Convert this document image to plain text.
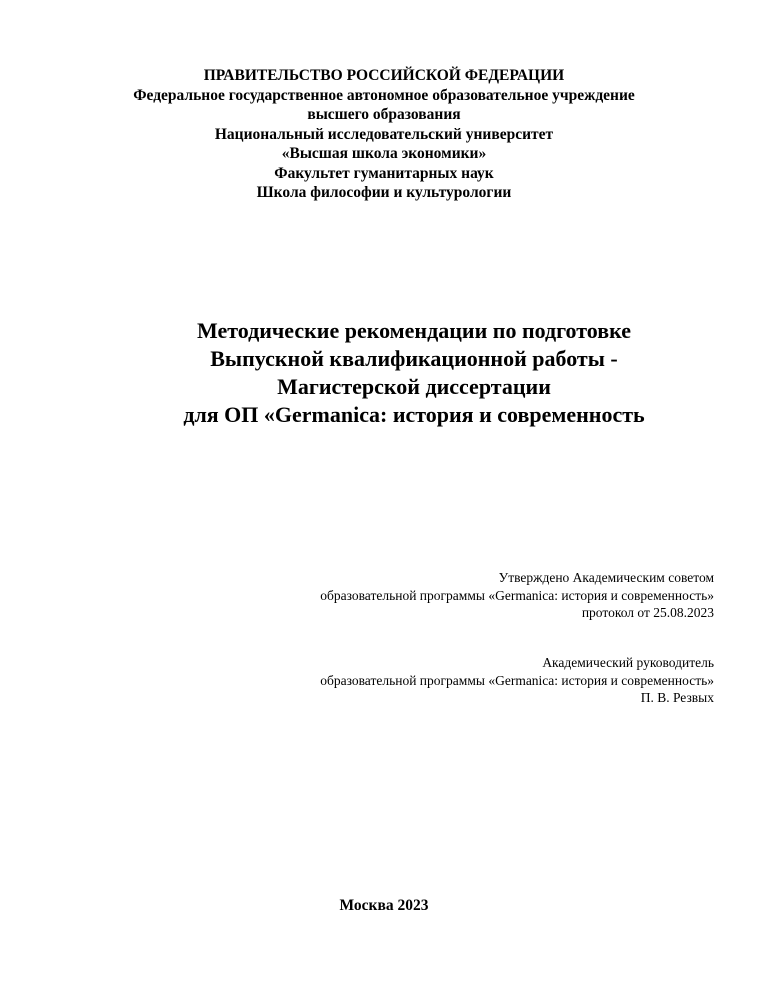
ПРАВИТЕЛЬСТВО РОССИЙСКОЙ ФЕДЕРАЦИИ
Федеральное государственное автономное образовательное учреждение
высшего образования
Национальный исследовательский университет
«Высшая школа экономики»
Факультет гуманитарных наук
Школа философии и культурологии
Методические рекомендации по подготовке
Выпускной квалификационной работы -
Магистерской диссертации
для ОП «Germanica: история и современность
Утверждено Академическим советом
образовательной программы «Germanica: история и современность»
протокол от 25.08.2023
Академический руководитель
образовательной программы «Germanica: история и современность»
П. В. Резвых
Москва 2023
